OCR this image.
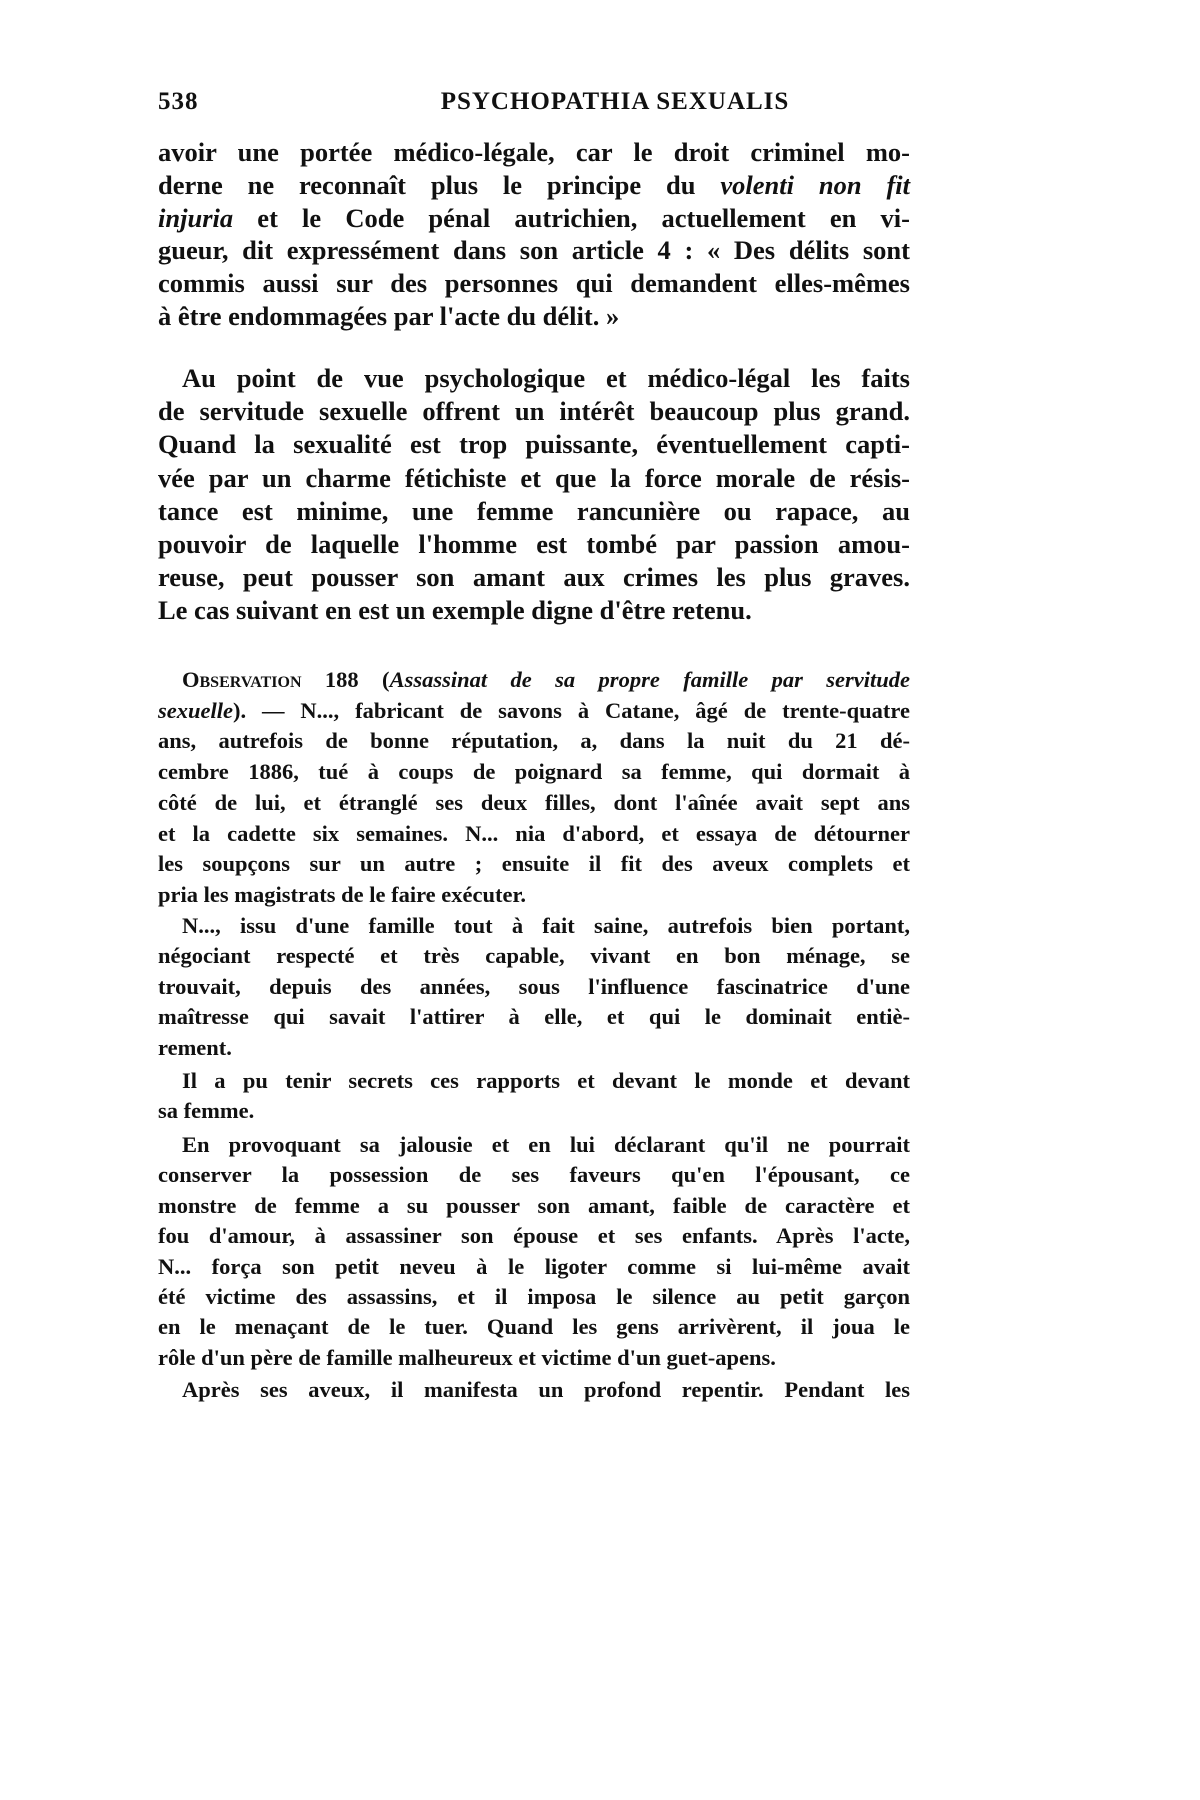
538	PSYCHOPATHIA SEXUALIS
avoir une portée médico-légale, car le droit criminel mo-
derne ne reconnaît plus le principe du volenti non fit
injuria et le Code pénal autrichien, actuellement en vi-
gueur, dit expressément dans son article 4 : « Des délits sont
commis aussi sur des personnes qui demandent elles-mêmes
à être endommagées par l'acte du délit. »
Au point de vue psychologique et médico-légal les faits
de servitude sexuelle offrent un intérêt beaucoup plus grand.
Quand la sexualité est trop puissante, éventuellement capti-
vée par un charme fétichiste et que la force morale de résis-
tance est minime, une femme rancunière ou rapace, au
pouvoir de laquelle l'homme est tombé par passion amou-
reuse, peut pousser son amant aux crimes les plus graves.
Le cas suivant en est un exemple digne d'être retenu.
Observation 188 (Assassinat de sa propre famille par servitude
sexuelle). — N..., fabricant de savons à Catane, âgé de trente-quatre
ans, autrefois de bonne réputation, a, dans la nuit du 21 dé-
cembre 1886, tué à coups de poignard sa femme, qui dormait à
côté de lui, et étranglé ses deux filles, dont l'aînée avait sept ans
et la cadette six semaines. N... nia d'abord, et essaya de détourner
les soupçons sur un autre ; ensuite il fit des aveux complets et
pria les magistrats de le faire exécuter.
N..., issu d'une famille tout à fait saine, autrefois bien portant,
négociant respecté et très capable, vivant en bon ménage, se
trouvait, depuis des années, sous l'influence fascinatrice d'une
maîtresse qui savait l'attirer à elle, et qui le dominait entiè-
rement.
Il a pu tenir secrets ces rapports et devant le monde et devant
sa femme.
En provoquant sa jalousie et en lui déclarant qu'il ne pourrait
conserver la possession de ses faveurs qu'en l'épousant, ce
monstre de femme a su pousser son amant, faible de caractère et
fou d'amour, à assassiner son épouse et ses enfants. Après l'acte,
N... força son petit neveu à le ligoter comme si lui-même avait
été victime des assassins, et il imposa le silence au petit garçon
en le menaçant de le tuer. Quand les gens arrivèrent, il joua le
rôle d'un père de famille malheureux et victime d'un guet-apens.
Après ses aveux, il manifesta un profond repentir. Pendant les
